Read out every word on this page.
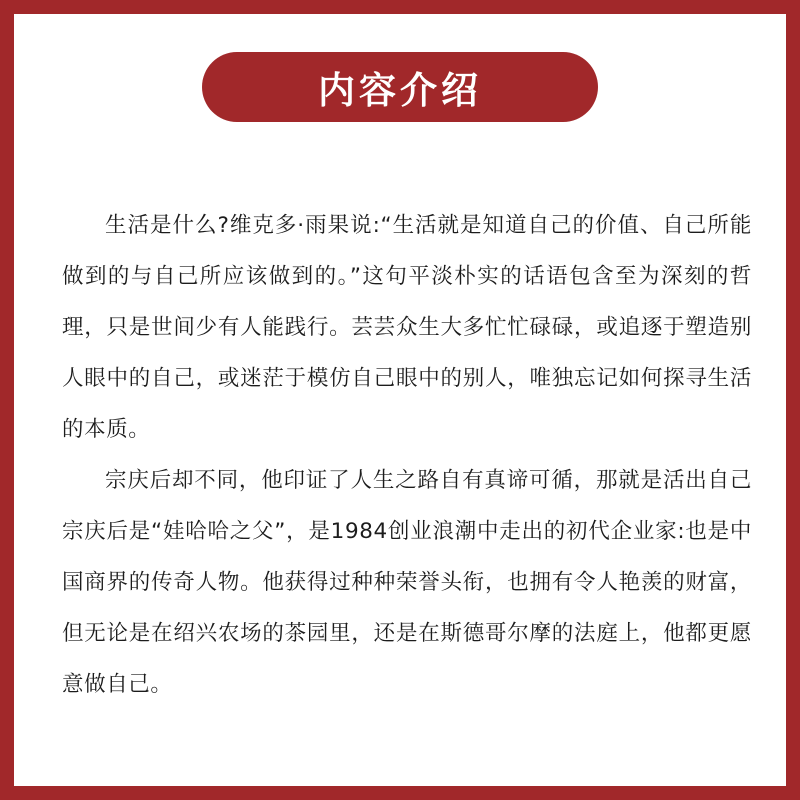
内容介绍

生活是什么?维克多·雨果说:“生活就是知道自己的价值、自己所能做到的与自己所应该做到的。”这句平淡朴实的话语包含至为深刻的哲理，只是世间少有人能践行。芸芸众生大多忙忙碌碌，或追逐于塑造别人眼中的自己，或迷茫于模仿自己眼中的别人，唯独忘记如何探寻生活的本质。

宗庆后却不同，他印证了人生之路自有真谛可循，那就是活出自己宗庆后是“娃哈哈之父”，是1984创业浪潮中走出的初代企业家:也是中国商界的传奇人物。他获得过种种荣誉头衔，也拥有令人艳羡的财富，但无论是在绍兴农场的茶园里，还是在斯德哥尔摩的法庭上，他都更愿意做自己。
